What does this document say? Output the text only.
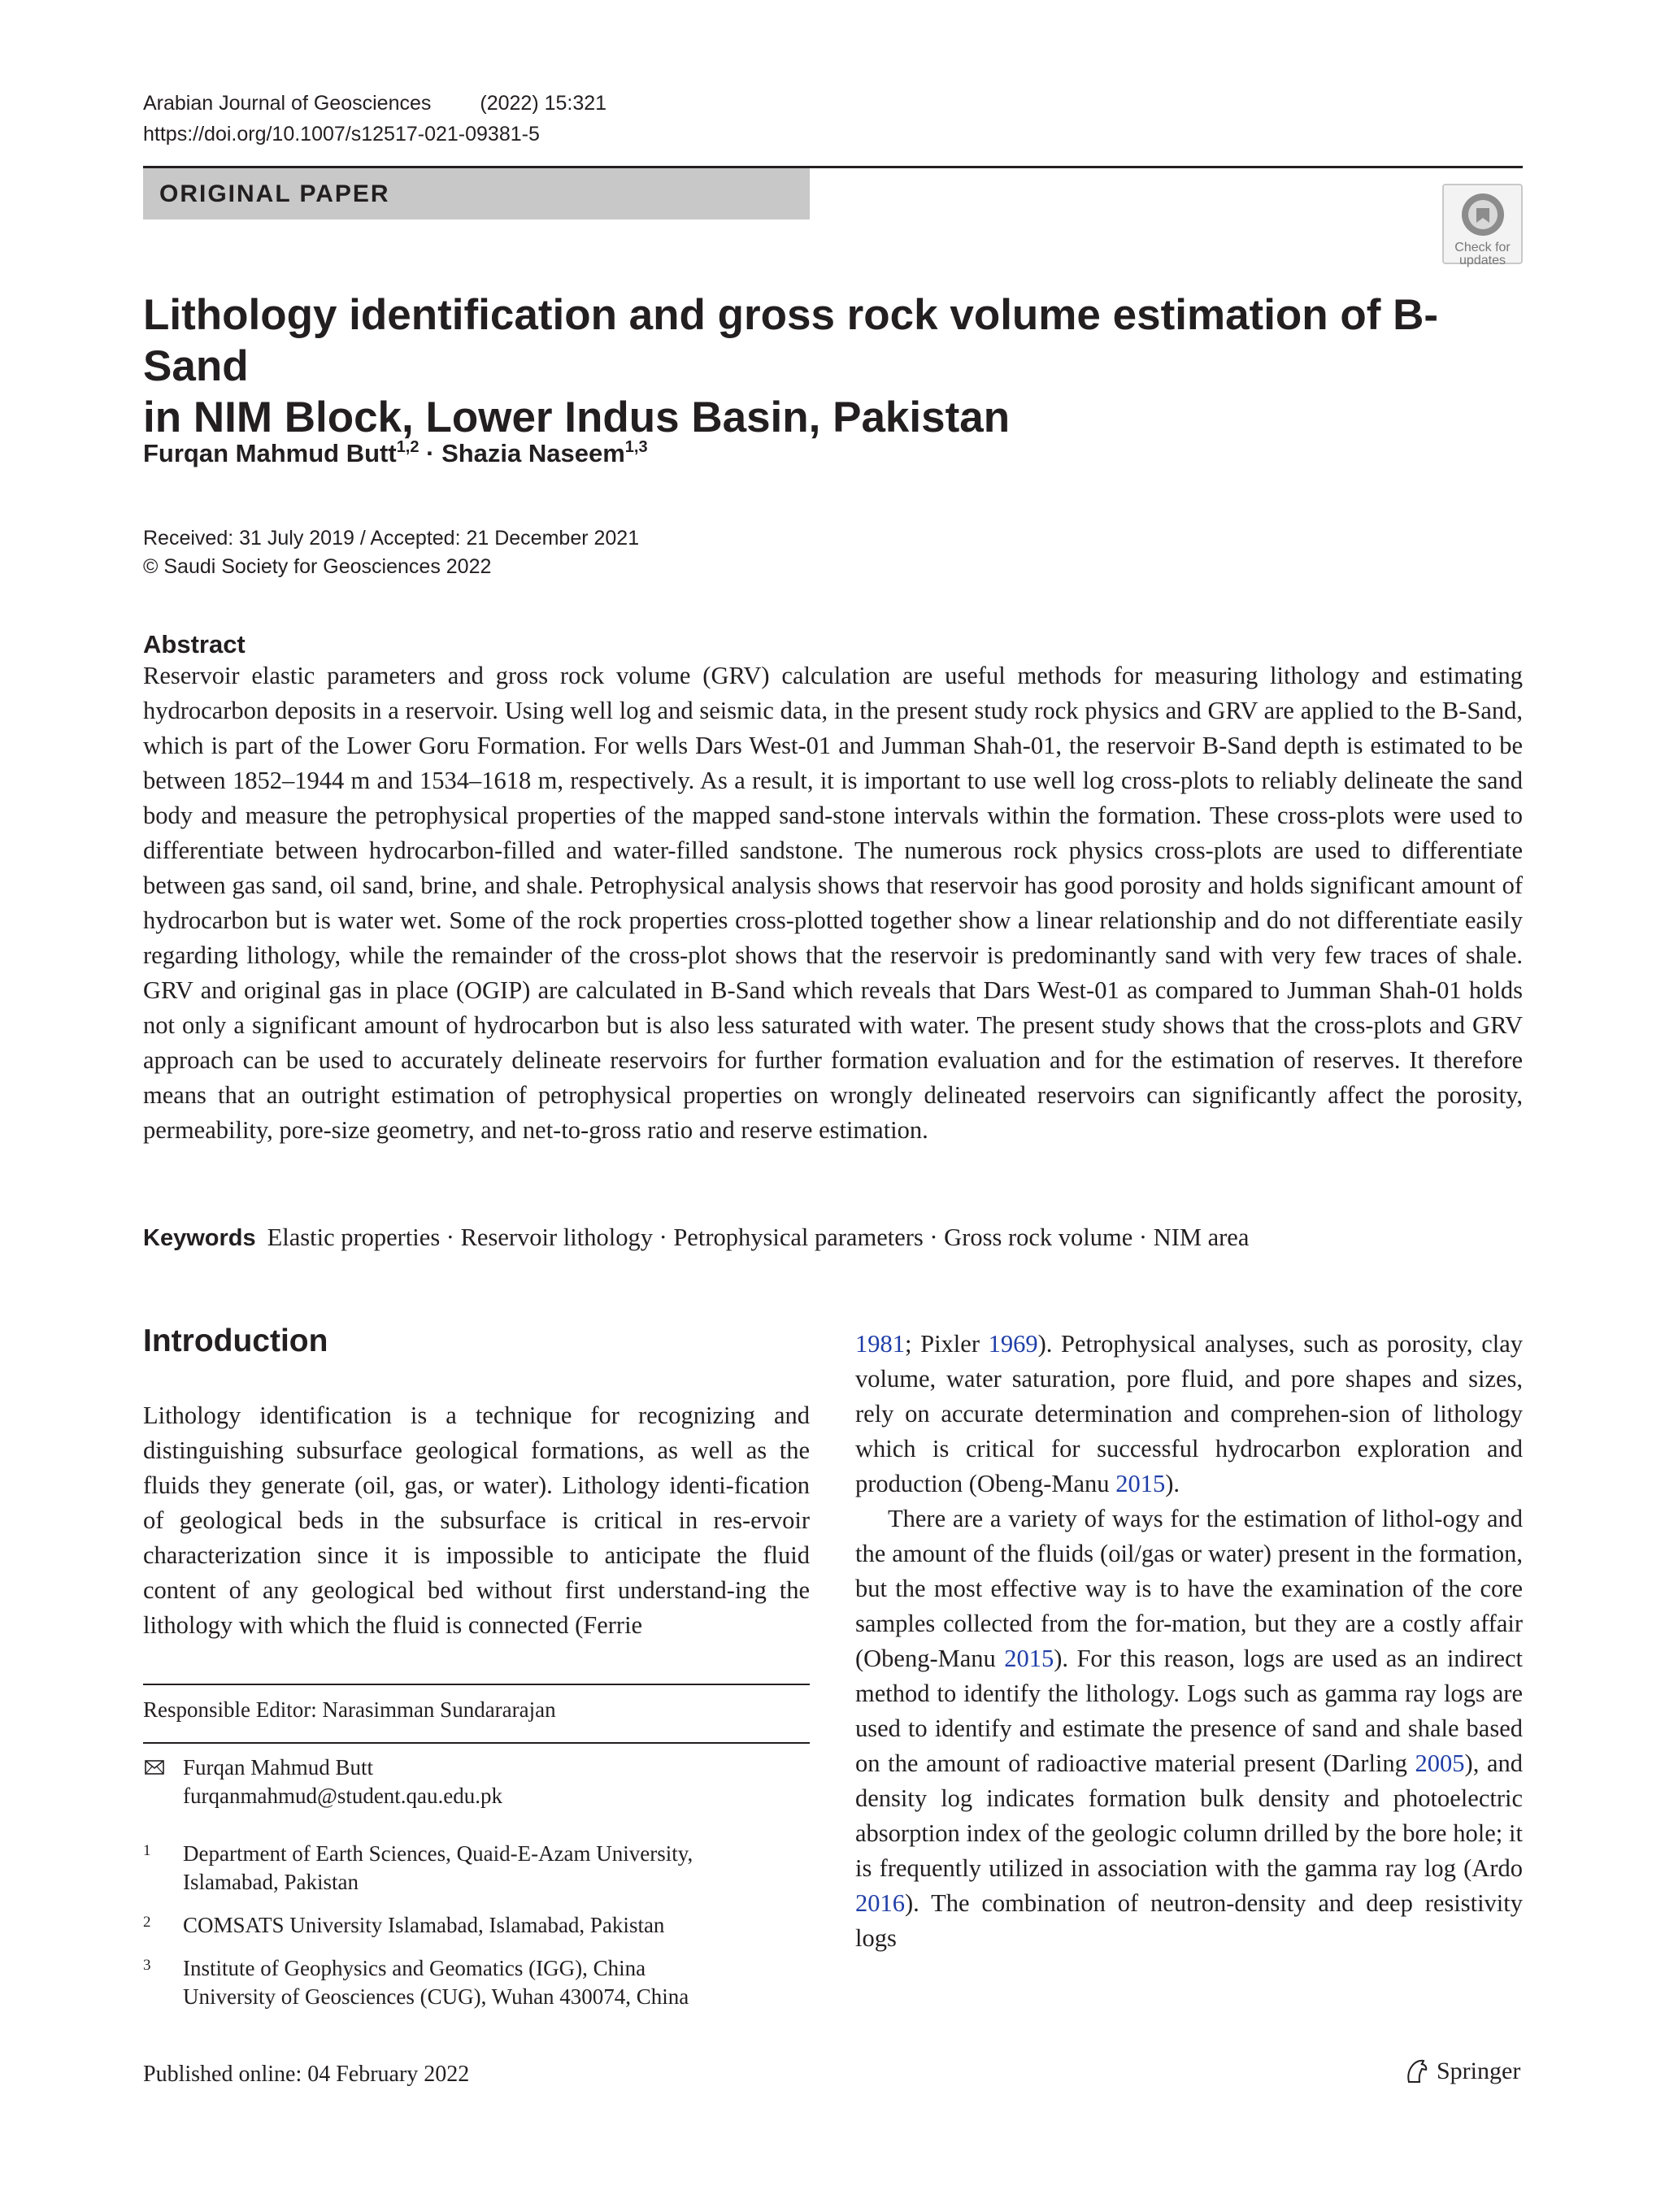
Arabian Journal of Geosciences (2022) 15:321
https://doi.org/10.1007/s12517-021-09381-5
ORIGINAL PAPER
Check for
updates
Lithology identification and gross rock volume estimation of B-Sand
in NIM Block, Lower Indus Basin, Pakistan
Furqan Mahmud Butt$^{1,2}$ · Shazia Naseem$^{1,3}$
Received: 31 July 2019 / Accepted: 21 December 2021
© Saudi Society for Geosciences 2022
Abstract
Reservoir elastic parameters and gross rock volume (GRV) calculation are useful methods for measuring lithology and estimating hydrocarbon deposits in a reservoir. Using well log and seismic data, in the present study rock physics and GRV are applied to the B-Sand, which is part of the Lower Goru Formation. For wells Dars West-01 and Jumman Shah-01, the reservoir B-Sand depth is estimated to be between 1852–1944 m and 1534–1618 m, respectively. As a result, it is important to use well log cross-plots to reliably delineate the sand body and measure the petrophysical properties of the mapped sand-stone intervals within the formation. These cross-plots were used to differentiate between hydrocarbon-filled and water-filled sandstone. The numerous rock physics cross-plots are used to differentiate between gas sand, oil sand, brine, and shale. Petrophysical analysis shows that reservoir has good porosity and holds significant amount of hydrocarbon but is water wet. Some of the rock properties cross-plotted together show a linear relationship and do not differentiate easily regarding lithology, while the remainder of the cross-plot shows that the reservoir is predominantly sand with very few traces of shale. GRV and original gas in place (OGIP) are calculated in B-Sand which reveals that Dars West-01 as compared to Jumman Shah-01 holds not only a significant amount of hydrocarbon but is also less saturated with water. The present study shows that the cross-plots and GRV approach can be used to accurately delineate reservoirs for further formation evaluation and for the estimation of reserves. It therefore means that an outright estimation of petrophysical properties on wrongly delineated reservoirs can significantly affect the porosity, permeability, pore-size geometry, and net-to-gross ratio and reserve estimation.
Keywords Elastic properties · Reservoir lithology · Petrophysical parameters · Gross rock volume · NIM area
Introduction

Lithology identification is a technique for recognizing and distinguishing subsurface geological formations, as well as the fluids they generate (oil, gas, or water). Lithology identi-fication of geological beds in the subsurface is critical in res-ervoir characterization since it is impossible to anticipate the fluid content of any geological bed without first understand-ing the lithology with which the fluid is connected (Ferrie

1981; Pixler 1969). Petrophysical analyses, such as porosity, clay volume, water saturation, pore fluid, and pore shapes and sizes, rely on accurate determination and comprehen-sion of lithology which is critical for successful hydrocarbon exploration and production (Obeng-Manu 2015).

There are a variety of ways for the estimation of lithol-ogy and the amount of the fluids (oil/gas or water) present in the formation, but the most effective way is to have the examination of the core samples collected from the for-mation, but they are a costly affair (Obeng-Manu 2015). For this reason, logs are used as an indirect method to identify the lithology. Logs such as gamma ray logs are used to identify and estimate the presence of sand and shale based on the amount of radioactive material present (Darling 2005), and density log indicates formation bulk density and photoelectric absorption index of the geologic column drilled by the bore hole; it is frequently utilized in association with the gamma ray log (Ardo 2016). The combination of neutron-density and deep resistivity logs

Responsible Editor: Narasimman Sundararajan
Furqan Mahmud Butt
furqanmahmud@student.qau.edu.pk
1 Department of Earth Sciences, Quaid-E-Azam University,
Islamabad, Pakistan
2 COMSATS University Islamabad, Islamabad, Pakistan
3 Institute of Geophysics and Geomatics (IGG), China
University of Geosciences (CUG), Wuhan 430074, China
Published online: 04 February 2022	Springer
